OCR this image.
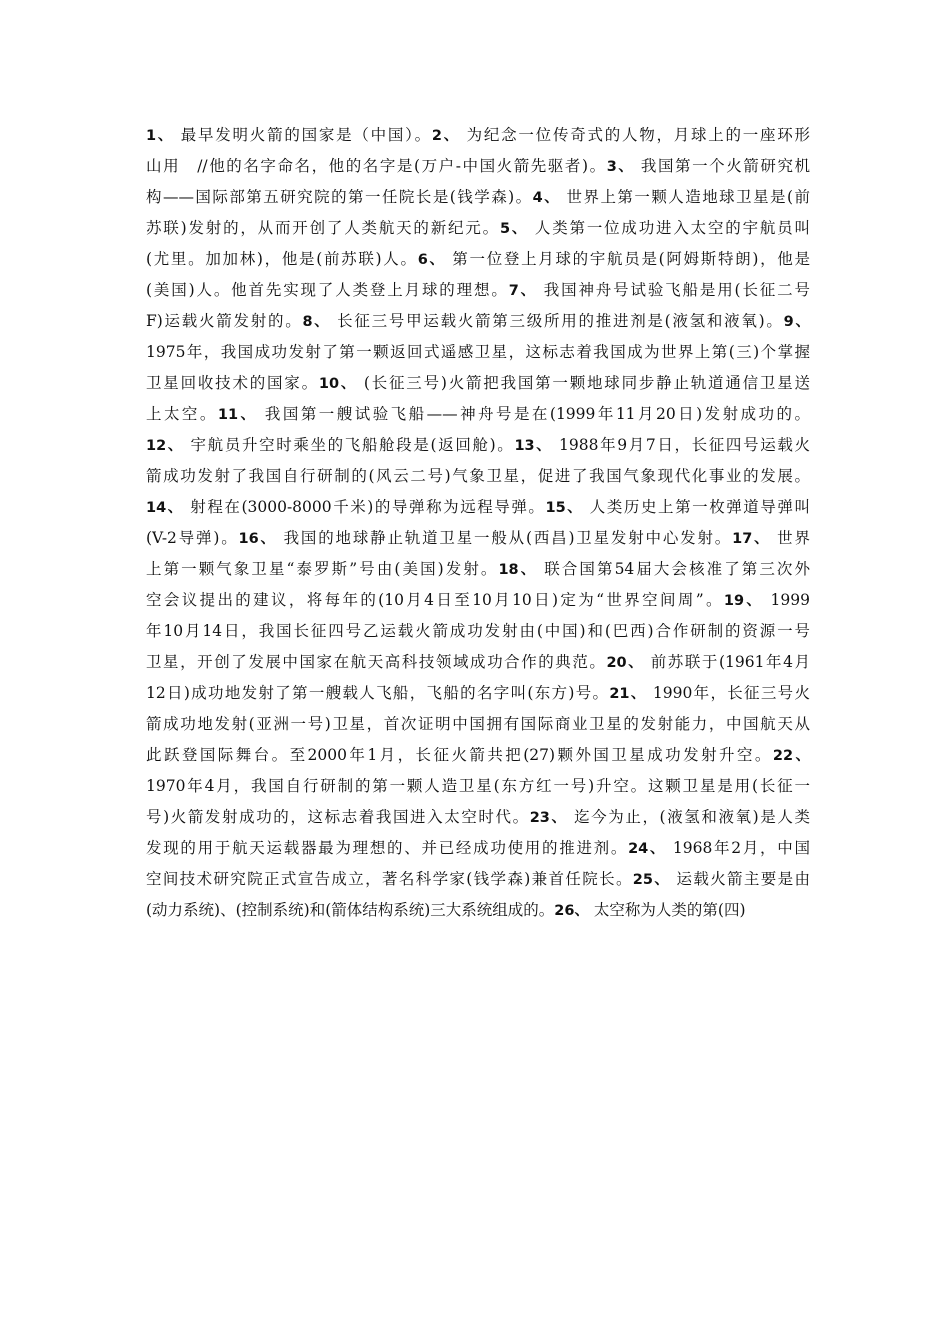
1、 最早发明火箭的国家是（中国）。2、 为纪念一位传奇式的人物，月球上的一座环形
山用　//他的名字命名，他的名字是(万户-中国火箭先驱者)。3、 我国第一个火箭研究机
构——国际部第五研究院的第一任院长是(钱学森)。4、 世界上第一颗人造地球卫星是(前
苏联)发射的，从而开创了人类航天的新纪元。5、 人类第一位成功进入太空的宇航员叫
(尤里。加加林)，他是(前苏联)人。6、 第一位登上月球的宇航员是(阿姆斯特朗)，他是
(美国)人。他首先实现了人类登上月球的理想。7、 我国神舟号试验飞船是用(长征二号
F)运载火箭发射的。8、 长征三号甲运载火箭第三级所用的推进剂是(液氢和液氧)。9、
1975年，我国成功发射了第一颗返回式遥感卫星，这标志着我国成为世界上第(三)个掌握
卫星回收技术的国家。10、 (长征三号)火箭把我国第一颗地球同步静止轨道通信卫星送
上太空。11、 我国第一艘试验飞船——神舟号是在(1999年11月20日)发射成功的。
12、 宇航员升空时乘坐的飞船舱段是(返回舱)。13、 1988年9月7日，长征四号运载火
箭成功发射了我国自行研制的(风云二号)气象卫星，促进了我国气象现代化事业的发展。
14、 射程在(3000-8000千米)的导弹称为远程导弹。15、 人类历史上第一枚弹道导弹叫
(V-2导弹)。16、 我国的地球静止轨道卫星一般从(西昌)卫星发射中心发射。17、 世界
上第一颗气象卫星“泰罗斯”号由(美国)发射。18、 联合国第54届大会核准了第三次外
空会议提出的建议，将每年的(10月4日至10月10日)定为“世界空间周”。19、 1999
年10月14日，我国长征四号乙运载火箭成功发射由(中国)和(巴西)合作研制的资源一号
卫星，开创了发展中国家在航天高科技领域成功合作的典范。20、 前苏联于(1961年4月
12日)成功地发射了第一艘载人飞船，飞船的名字叫(东方)号。21、 1990年，长征三号火
箭成功地发射(亚洲一号)卫星，首次证明中国拥有国际商业卫星的发射能力，中国航天从
此跃登国际舞台。至2000年1月，长征火箭共把(27)颗外国卫星成功发射升空。22、
1970年4月，我国自行研制的第一颗人造卫星(东方红一号)升空。这颗卫星是用(长征一
号)火箭发射成功的，这标志着我国进入太空时代。23、 迄今为止，(液氢和液氧)是人类
发现的用于航天运载器最为理想的、并已经成功使用的推进剂。24、 1968年2月，中国
空间技术研究院正式宣告成立，著名科学家(钱学森)兼首任院长。25、 运载火箭主要是由
(动力系统)、(控制系统)和(箭体结构系统)三大系统组成的。26、 太空称为人类的第(四)
